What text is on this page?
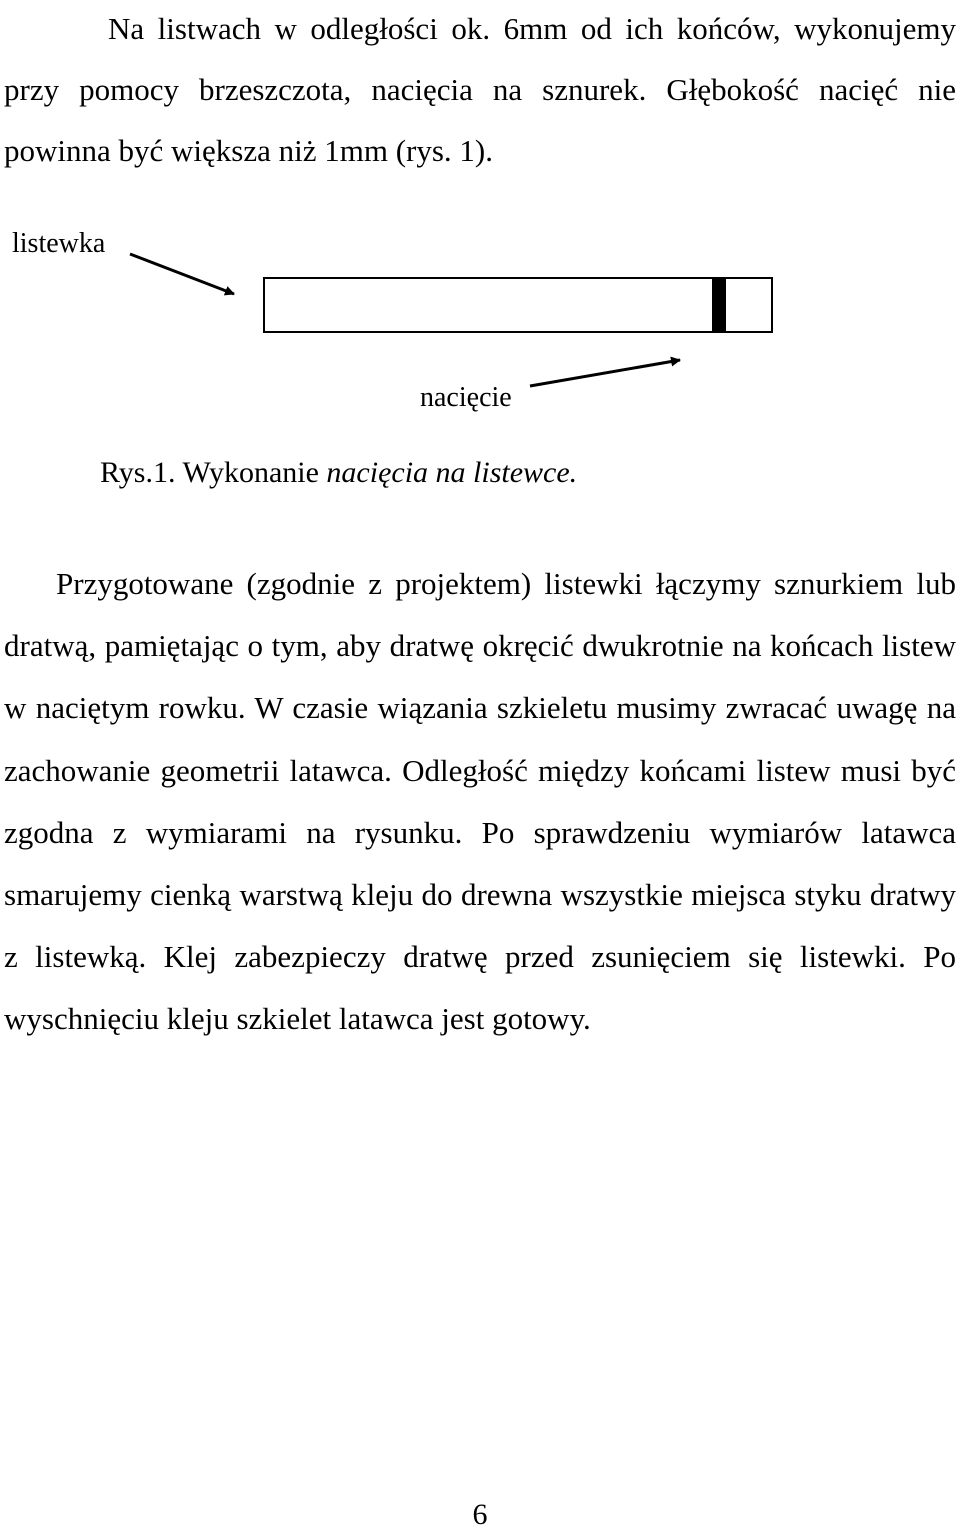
Na listwach w odległości ok. 6mm od ich końców, wykonujemy przy pomocy brzeszczota, nacięcia na sznurek. Głębokość nacięć nie powinna być większa niż 1mm (rys. 1).

listewka
nacięcie
Rys.1. Wykonanie nacięcia na listewce.

Przygotowane (zgodnie z projektem) listewki łączymy sznurkiem lub dratwą, pamiętając o tym, aby dratwę okręcić dwukrotnie na końcach listew w naciętym rowku. W czasie wiązania szkieletu musimy zwracać uwagę na zachowanie geometrii latawca. Odległość między końcami listew musi być zgodna z wymiarami na rysunku. Po sprawdzeniu wymiarów latawca smarujemy cienką warstwą kleju do drewna wszystkie miejsca styku dratwy z listewką. Klej zabezpieczy dratwę przed zsunięciem się listewki. Po wyschnięciu kleju szkielet latawca jest gotowy.

6
